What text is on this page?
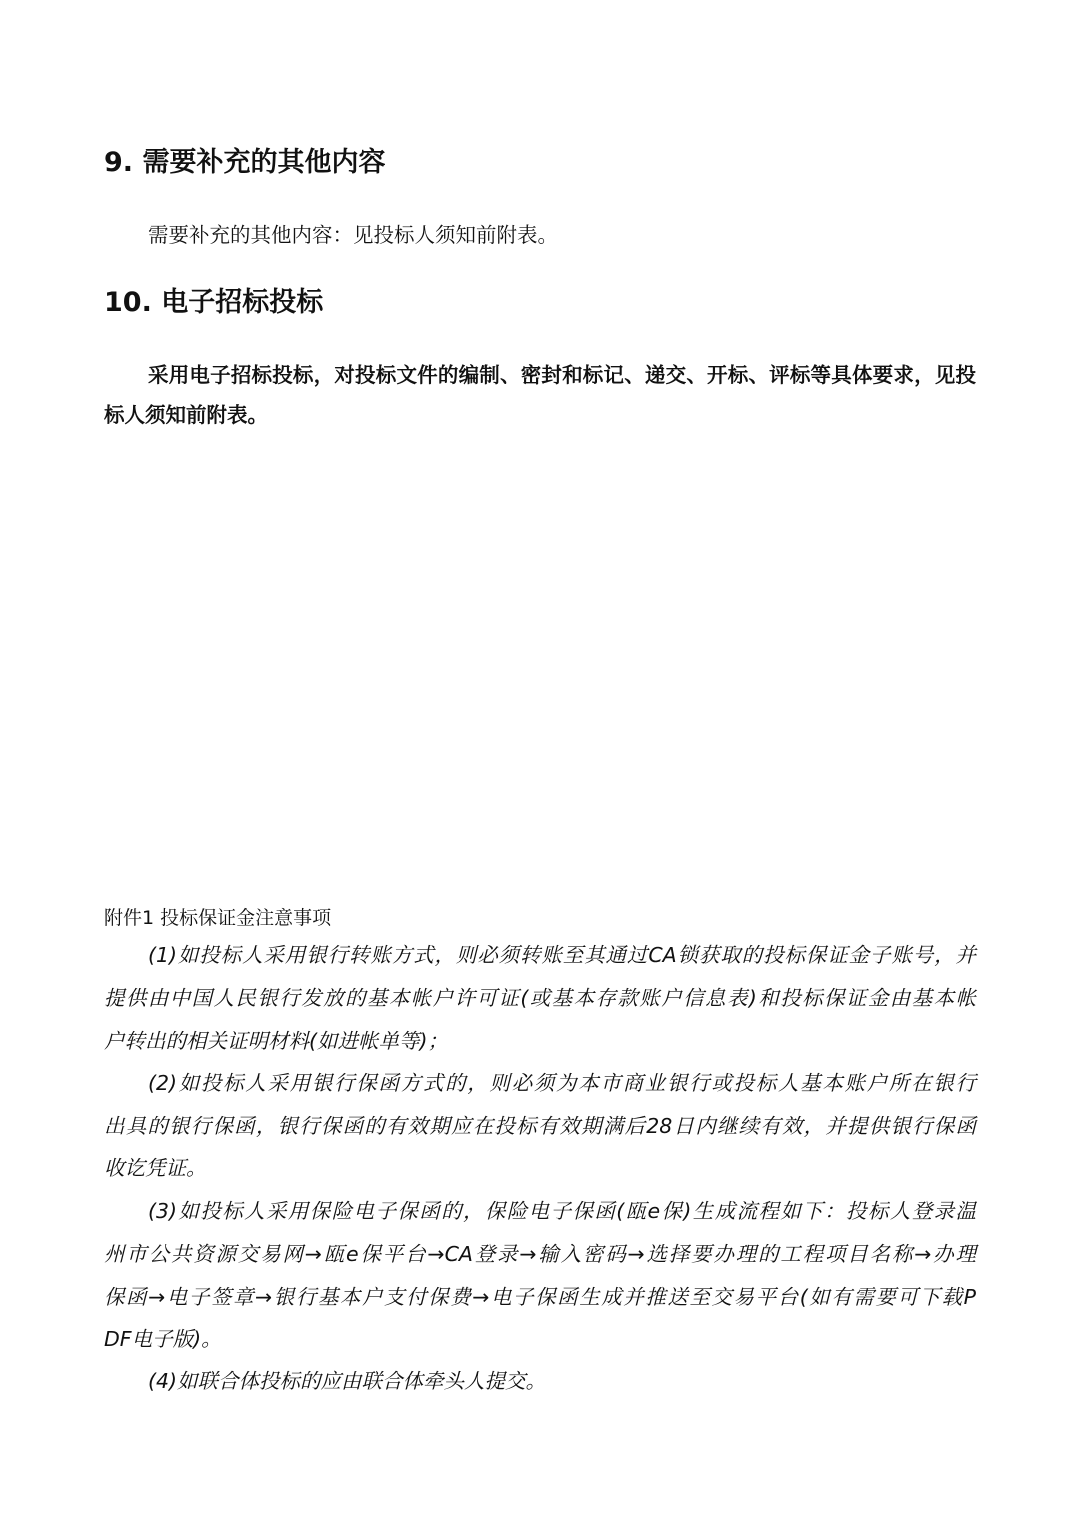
9. 需要补充的其他内容
需要补充的其他内容：见投标人须知前附表。
10. 电子招标投标
采用电子招标投标，对投标文件的编制、密封和标记、递交、开标、评标等具体要求，见投
标人须知前附表。
附件1 投标保证金注意事项
(1)如投标人采用银行转账方式，则必须转账至其通过CA锁获取的投标保证金子账号，并
提供由中国人民银行发放的基本帐户许可证(或基本存款账户信息表)和投标保证金由基本帐
户转出的相关证明材料(如进帐单等)；
(2)如投标人采用银行保函方式的，则必须为本市商业银行或投标人基本账户所在银行
出具的银行保函，银行保函的有效期应在投标有效期满后28日内继续有效，并提供银行保函
收讫凭证。
(3)如投标人采用保险电子保函的，保险电子保函(瓯e保)生成流程如下：投标人登录温
州市公共资源交易网→瓯e保平台→CA登录→输入密码→选择要办理的工程项目名称→办理
保函→电子签章→银行基本户支付保费→电子保函生成并推送至交易平台(如有需要可下载P
DF电子版)。
(4)如联合体投标的应由联合体牵头人提交。
